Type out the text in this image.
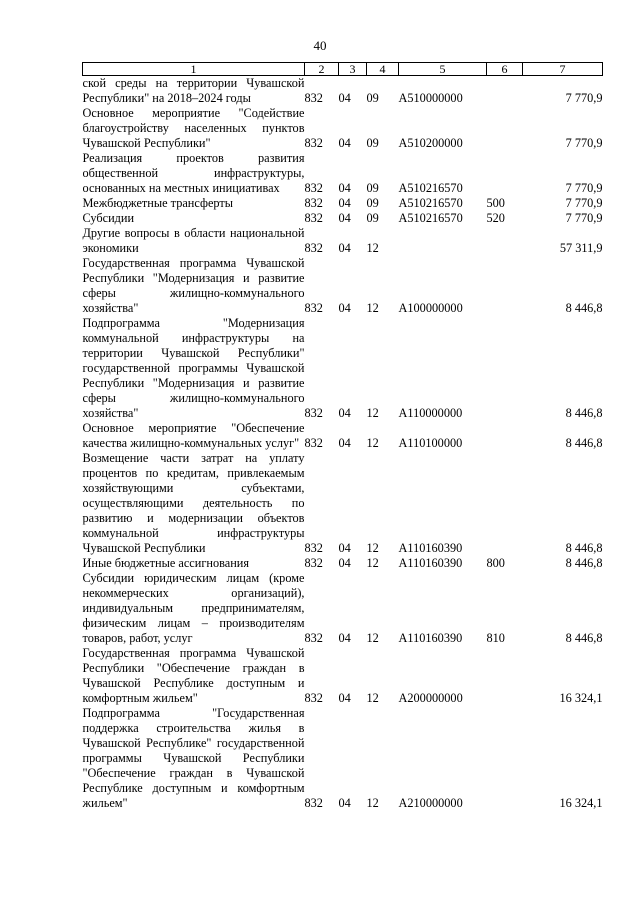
40
1	2	3	4	5	6	7
ской среды на территории Чувашской Республики" на 2018–2024 годы	832	04	09	А510000000		7 770,9
Основное мероприятие "Содействие благоустройству населенных пунктов Чувашской Республики"	832	04	09	А510200000		7 770,9
Реализация проектов развития общественной инфраструктуры, основанных на местных инициативах	832	04	09	А510216570		7 770,9
Межбюджетные трансферты	832	04	09	А510216570	500	7 770,9
Субсидии	832	04	09	А510216570	520	7 770,9
Другие вопросы в области национальной экономики	832	04	12			57 311,9
Государственная программа Чувашской Республики "Модернизация и развитие сферы жилищно-коммунального хозяйства"	832	04	12	А100000000		8 446,8
Подпрограмма "Модернизация коммунальной инфраструктуры на территории Чувашской Республики" государственной программы Чувашской Республики "Модернизация и развитие сферы жилищно-коммунального хозяйства"	832	04	12	А110000000		8 446,8
Основное мероприятие "Обеспечение качества жилищно-коммунальных услуг"	832	04	12	А110100000		8 446,8
Возмещение части затрат на уплату процентов по кредитам, привлекаемым хозяйствующими субъектами, осуществляющими деятельность по развитию и модернизации объектов коммунальной инфраструктуры Чувашской Республики	832	04	12	А110160390		8 446,8
Иные бюджетные ассигнования	832	04	12	А110160390	800	8 446,8
Субсидии юридическим лицам (кроме некоммерческих организаций), индивидуальным предпринимателям, физическим лицам – производителям товаров, работ, услуг	832	04	12	А110160390	810	8 446,8
Государственная программа Чувашской Республики "Обеспечение граждан в Чувашской Республике доступным и комфортным жильем"	832	04	12	А200000000		16 324,1
Подпрограмма "Государственная поддержка строительства жилья в Чувашской Республике" государственной программы Чувашской Республики "Обеспечение граждан в Чувашской Республике доступным и комфортным жильем"	832	04	12	А210000000		16 324,1
